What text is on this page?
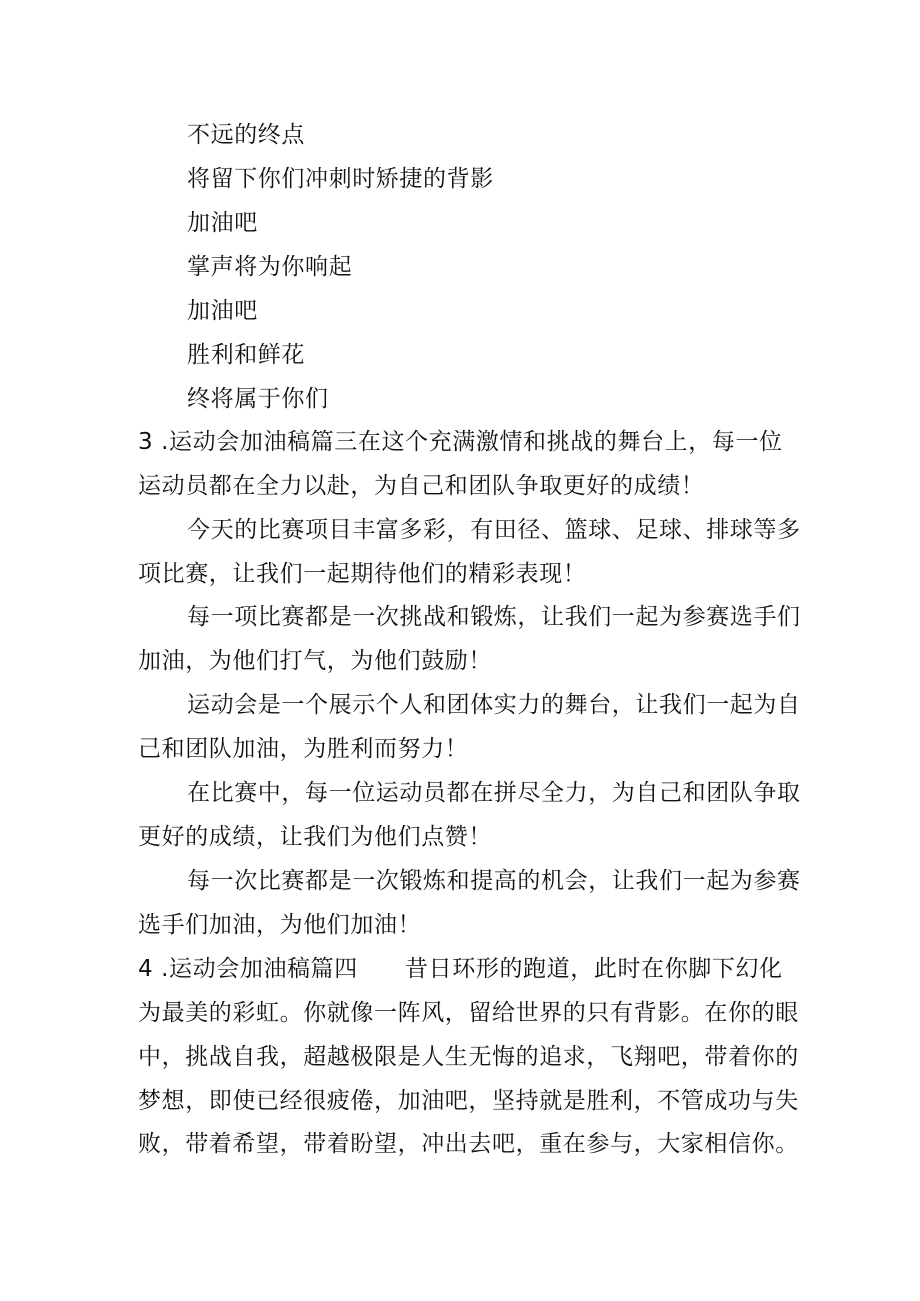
不远的终点
将留下你们冲刺时矫捷的背影
加油吧
掌声将为你响起
加油吧
胜利和鲜花
终将属于你们
3 .运动会加油稿篇三在这个充满激情和挑战的舞台上，每一位
运动员都在全力以赴，为自己和团队争取更好的成绩！
今天的比赛项目丰富多彩，有田径、篮球、足球、排球等多
项比赛，让我们一起期待他们的精彩表现！
每一项比赛都是一次挑战和锻炼，让我们一起为参赛选手们
加油，为他们打气，为他们鼓励！
运动会是一个展示个人和团体实力的舞台，让我们一起为自
己和团队加油，为胜利而努力！
在比赛中，每一位运动员都在拼尽全力，为自己和团队争取
更好的成绩，让我们为他们点赞！
每一次比赛都是一次锻炼和提高的机会，让我们一起为参赛
选手们加油，为他们加油！
4 .运动会加油稿篇四　　昔日环形的跑道，此时在你脚下幻化
为最美的彩虹。你就像一阵风，留给世界的只有背影。在你的眼
中，挑战自我，超越极限是人生无悔的追求，飞翔吧，带着你的
梦想，即使已经很疲倦，加油吧，坚持就是胜利，不管成功与失
败，带着希望，带着盼望，冲出去吧，重在参与，大家相信你。
